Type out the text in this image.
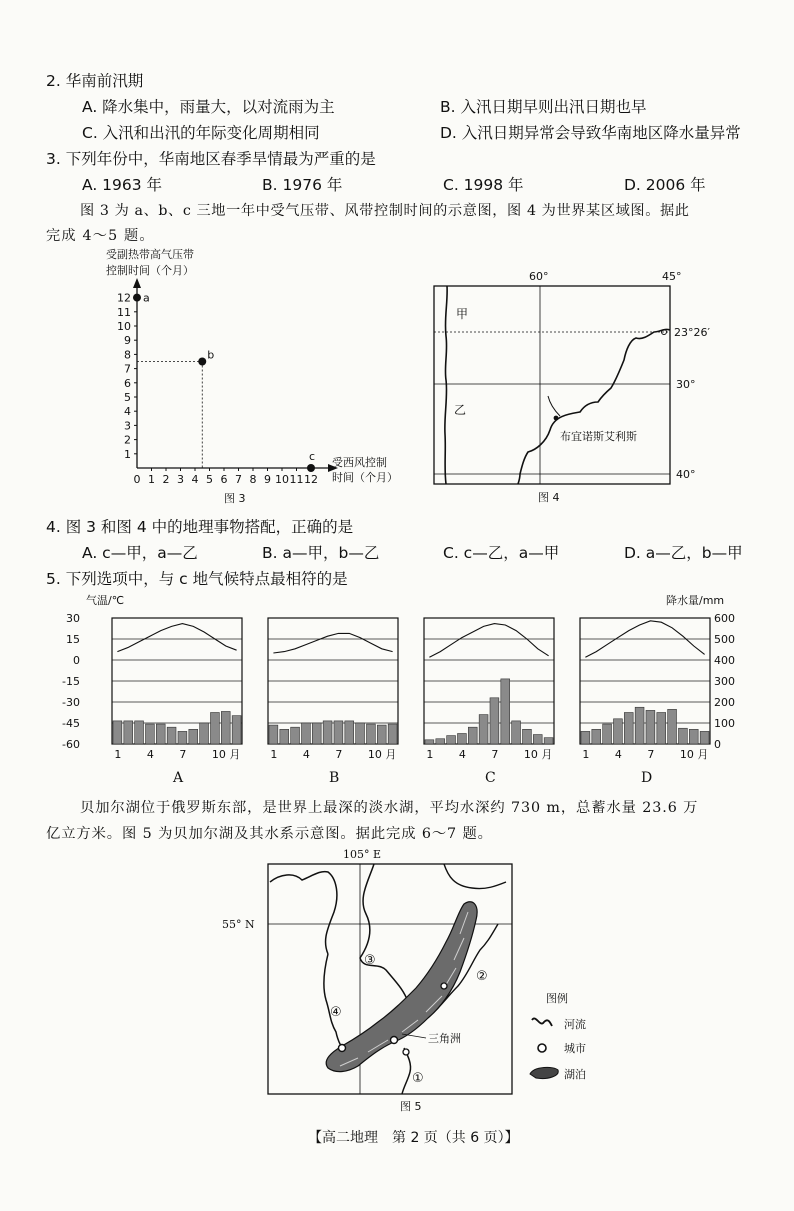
2. 华南前汛期
A. 降水集中，雨量大，以对流雨为主	B. 入汛日期早则出汛日期也早
C. 入汛和出汛的年际变化周期相同	D. 入汛日期异常会导致华南地区降水量异常
3. 下列年份中，华南地区春季旱情最为严重的是
A. 1963 年	B. 1976 年	C. 1998 年	D. 2006 年
图 3 为 a、b、c 三地一年中受气压带、风带控制时间的示意图，图 4 为世界某区域图。据此
完成 4～5 题。
受副热带高气压带
控制时间（个月）
1
2
3
4
5
6
7
8
9
10
11
12
0 1 2 3 4 5 6 7 8 9 10 11 12
a
b
c 受西风控制
时间（个月）
图 3
60°	45°
23°26′
30°
40°
甲
乙
布宜诺斯艾利斯
图 4
4. 图 3 和图 4 中的地理事物搭配，正确的是
A. c—甲，a—乙	B. a—甲，b—乙	C. c—乙，a—甲	D. a—乙，b—甲
5. 下列选项中，与 c 地气候特点最相符的是
气温/℃	降水量/mm
30
15
0
-15
-30
-45
-60
600
500
400
300
200
100
0
1 4 7 10 月
A
1 4 7 10 月
B
1 4 7 10 月
C
1 4 7 10 月
D
贝加尔湖位于俄罗斯东部，是世界上最深的淡水湖，平均水深约 730 m，总蓄水量 23.6 万
亿立方米。图 5 为贝加尔湖及其水系示意图。据此完成 6～7 题。
105° E
55° N
③
②
④
①
三角洲
图例
河流
城市
湖泊
图 5
【高二地理　第 2 页（共 6 页）】
